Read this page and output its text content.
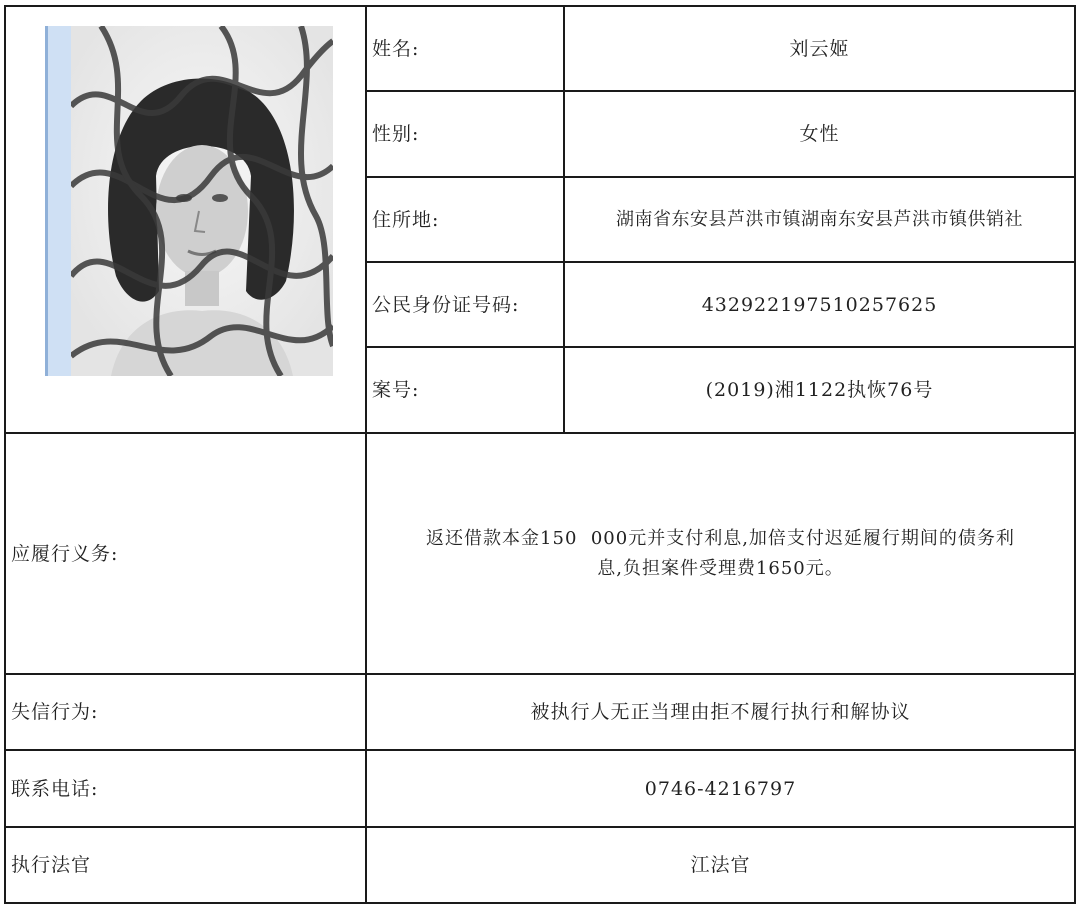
姓名:	刘云姬
性别:	女性
住所地:	湖南省东安县芦洪市镇湖南东安县芦洪市镇供销社
公民身份证号码:	432922197510257625
案号:	(2019)湘1122执恢76号
应履行义务:
返还借款本金150  000元并支付利息,加倍支付迟延履行期间的债务利
息,负担案件受理费1650元。
失信行为:	被执行人无正当理由拒不履行执行和解协议
联系电话:	0746-4216797
执行法官	江法官
